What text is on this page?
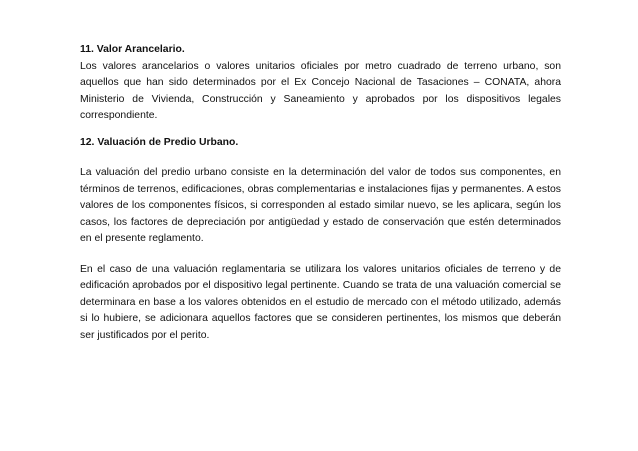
11. Valor Arancelario.

Los valores arancelarios o valores unitarios oficiales por metro cuadrado de terreno urbano, son aquellos que han sido determinados por el Ex Concejo Nacional de Tasaciones – CONATA, ahora Ministerio de Vivienda, Construcción y Saneamiento y aprobados por los dispositivos legales correspondiente.

12. Valuación de Predio Urbano.

La valuación del predio urbano consiste en la determinación del valor de todos sus componentes, en términos de terrenos, edificaciones, obras complementarias e instalaciones fijas y permanentes. A estos valores de los componentes físicos, si corresponden al estado similar nuevo, se les aplicara, según los casos, los factores de depreciación por antigüedad y estado de conservación que estén determinados en el presente reglamento.

En el caso de una valuación reglamentaria se utilizara los valores unitarios oficiales de terreno y de edificación aprobados por el dispositivo legal pertinente. Cuando se trata de una valuación comercial se determinara en base a los valores obtenidos en el estudio de mercado con el método utilizado, además si lo hubiere, se adicionara aquellos factores que se consideren pertinentes, los mismos que deberán ser justificados por el perito.
